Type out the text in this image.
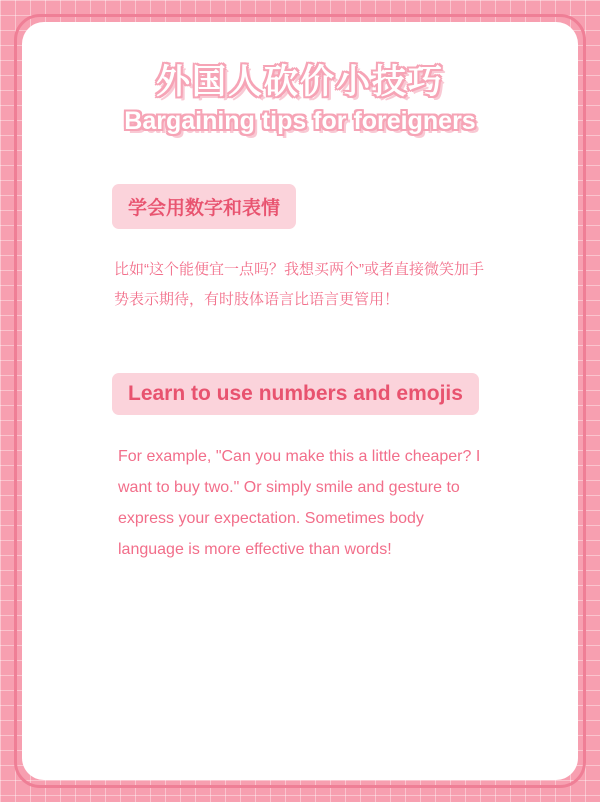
外国人砍价小技巧
Bargaining tips for foreigners
学会用数字和表情

比如“这个能便宜一点吗？我想买两个”或者直接微笑加手势表示期待，有时肢体语言比语言更管用！

Learn to use numbers and emojis

For example, "Can you make this a little cheaper? I want to buy two." Or simply smile and gesture to express your expectation. Sometimes body language is more effective than words!
